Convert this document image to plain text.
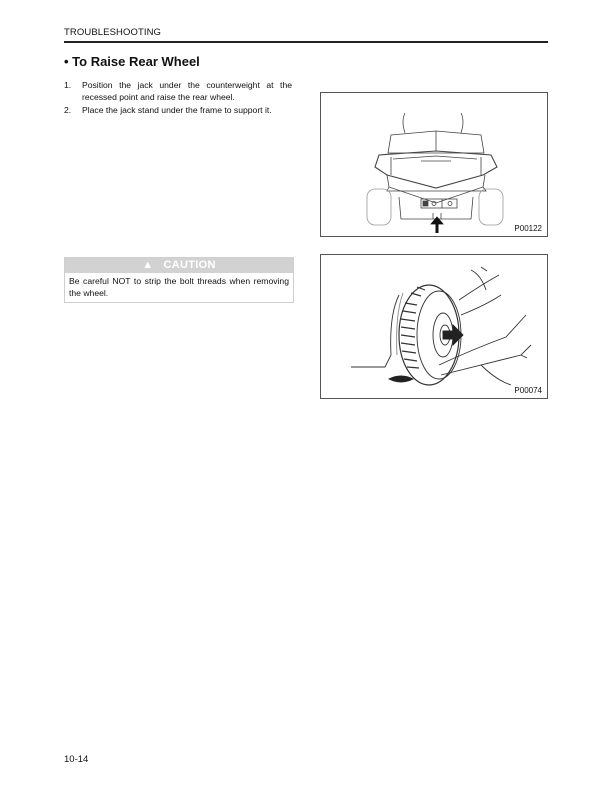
TROUBLESHOOTING
• To Raise Rear Wheel
1.	Position the jack under the counterweight at the recessed point and raise the rear wheel.
2.	Place the jack stand under the frame to support it.
▲ CAUTION
Be careful NOT to strip the bolt threads when removing the wheel.
P00122
P00074
10-14
